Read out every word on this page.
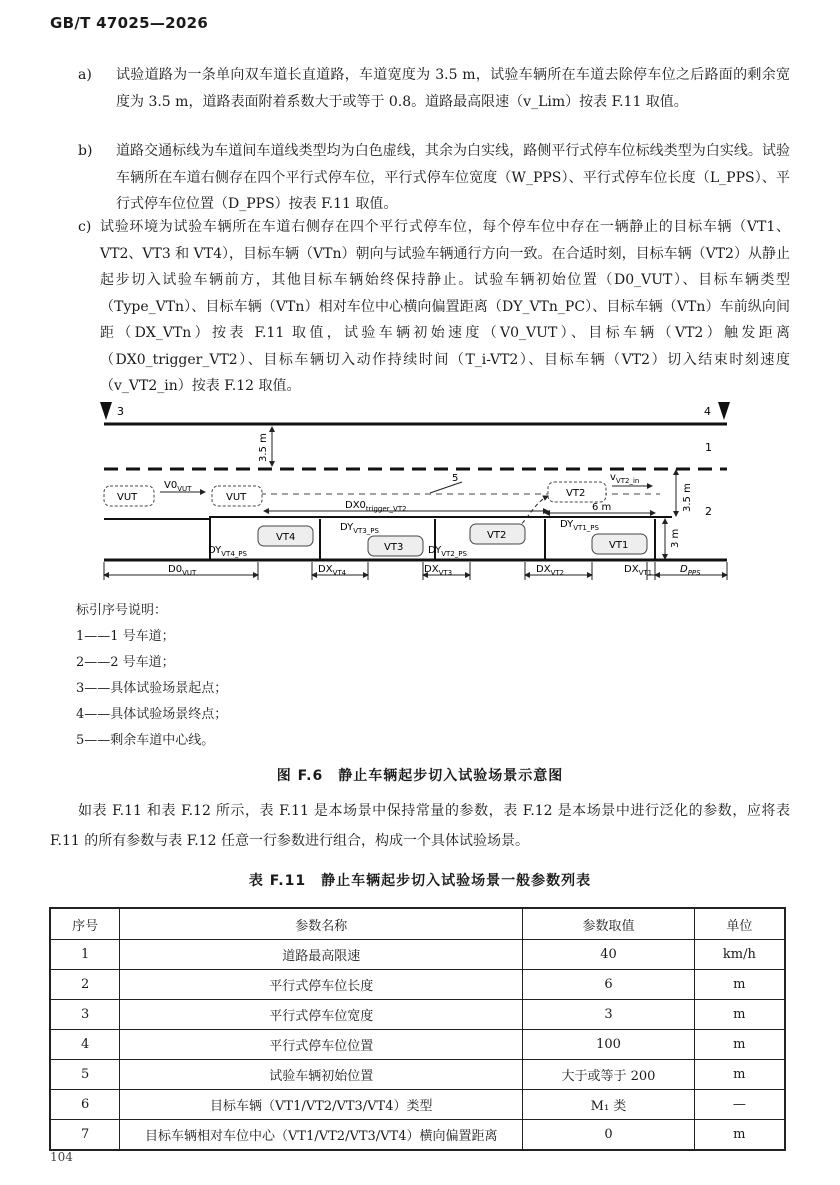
GB/T 47025—2026
a) 试验道路为一条单向双车道长直道路，车道宽度为 3.5 m，试验车辆所在车道去除停车位之后路面的剩余宽度为 3.5 m，道路表面附着系数大于或等于 0.8。道路最高限速（v_Lim）按表 F.11 取值。
b) 道路交通标线为车道间车道线类型均为白色虚线，其余为白实线，路侧平行式停车位标线类型为白实线。试验车辆所在车道右侧存在四个平行式停车位，平行式停车位宽度（W_PPS）、平行式停车位长度（L_PPS）、平行式停车位位置（D_PPS）按表 F.11 取值。
c) 试验环境为试验车辆所在车道右侧存在四个平行式停车位，每个停车位中存在一辆静止的目标车辆（VT1、VT2、VT3 和 VT4），目标车辆（VTn）朝向与试验车辆通行方向一致。在合适时刻，目标车辆（VT2）从静止起步切入试验车辆前方，其他目标车辆始终保持静止。试验车辆初始位置（D0_VUT）、目标车辆类型（Type_VTn）、目标车辆（VTn）相对车位中心横向偏置距离（DY_VTn_PC）、目标车辆（VTn）车前纵向间距（DX_VTn）按表 F.11 取值，试验车辆初始速度（V0_VUT）、目标车辆（VT2）触发距离（DX0_trigger_VT2）、目标车辆切入动作持续时间（T_i-VT2）、目标车辆（VT2）切入结束时刻速度（v_VT2_in）按表 F.12 取值。
3	4
1
2
3.5 m
5
3.5 m
3 m
6 m
VUT	VUT
$V0_{VUT}$	VT2
$v_{VT2\_in}$
VT4
VT3
VT2
VT1
$DX0_{trigger\_VT2}$
$DY_{VT4\_PS}$
$DY_{VT3\_PS}$
$DY_{VT2\_PS}$
$DY_{VT1\_PS}$
$D0_{VUT}$	$DX_{VT4}$	$DX_{VT3}$	$DX_{VT2}$	$DX_{VT1}$	$D_{PPS}$
标引序号说明：
1——1 号车道；
2——2 号车道；
3——具体试验场景起点；
4——具体试验场景终点；
5——剩余车道中心线。
图 F.6　静止车辆起步切入试验场景示意图
如表 F.11 和表 F.12 所示，表 F.11 是本场景中保持常量的参数，表 F.12 是本场景中进行泛化的参数，应将表 F.11 的所有参数与表 F.12 任意一行参数进行组合，构成一个具体试验场景。
表 F.11　静止车辆起步切入试验场景一般参数列表
序号	参数名称	参数取值	单位
1	道路最高限速	40	km/h
2	平行式停车位长度	6	m
3	平行式停车位宽度	3	m
4	平行式停车位位置	100	m
5	试验车辆初始位置	大于或等于 200	m
6	目标车辆（VT1/VT2/VT3/VT4）类型	M₁ 类	—
7	目标车辆相对车位中心（VT1/VT2/VT3/VT4）横向偏置距离	0	m
104
